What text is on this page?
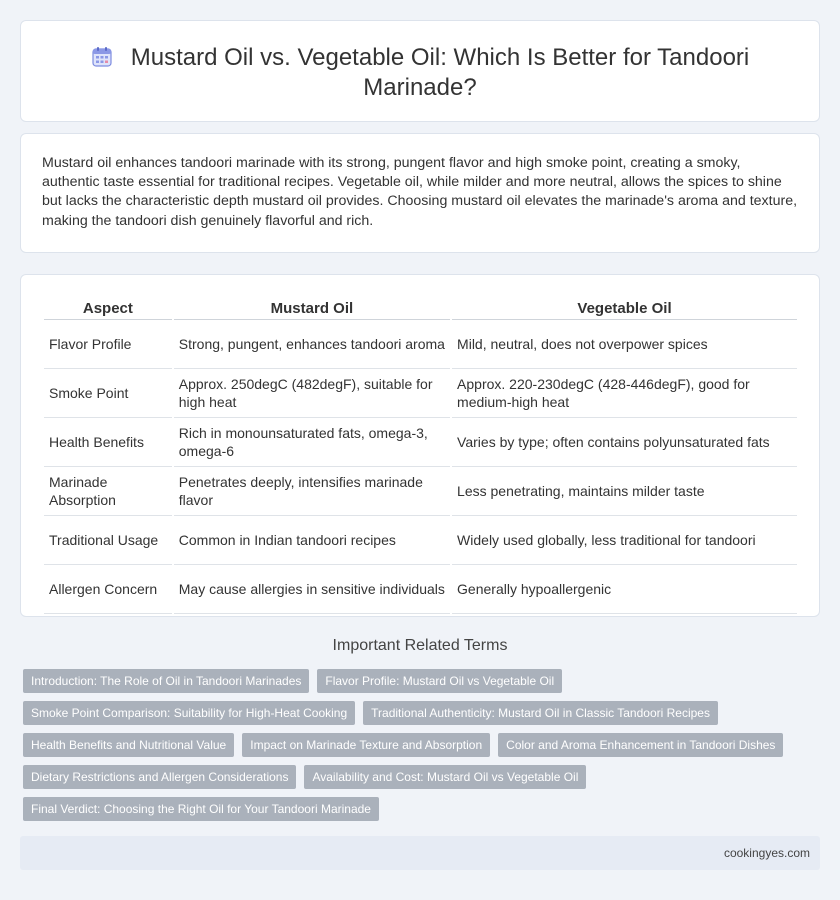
Mustard Oil vs. Vegetable Oil: Which Is Better for Tandoori Marinade?

Mustard oil enhances tandoori marinade with its strong, pungent flavor and high smoke point, creating a smoky, authentic taste essential for traditional recipes. Vegetable oil, while milder and more neutral, allows the spices to shine but lacks the characteristic depth mustard oil provides. Choosing mustard oil elevates the marinade's aroma and texture, making the tandoori dish genuinely flavorful and rich.

Aspect	Mustard Oil	Vegetable Oil
Flavor Profile	Strong, pungent, enhances tandoori aroma	Mild, neutral, does not overpower spices
Smoke Point	Approx. 250degC (482degF), suitable for high heat	Approx. 220-230degC (428-446degF), good for medium-high heat
Health Benefits	Rich in monounsaturated fats, omega-3, omega-6	Varies by type; often contains polyunsaturated fats
Marinade Absorption	Penetrates deeply, intensifies marinade flavor	Less penetrating, maintains milder taste
Traditional Usage	Common in Indian tandoori recipes	Widely used globally, less traditional for tandoori
Allergen Concern	May cause allergies in sensitive individuals	Generally hypoallergenic
Important Related Terms
Introduction: The Role of Oil in Tandoori Marinades	Flavor Profile: Mustard Oil vs Vegetable Oil
Smoke Point Comparison: Suitability for High-Heat Cooking	Traditional Authenticity: Mustard Oil in Classic Tandoori Recipes
Health Benefits and Nutritional Value	Impact on Marinade Texture and Absorption	Color and Aroma Enhancement in Tandoori Dishes
Dietary Restrictions and Allergen Considerations	Availability and Cost: Mustard Oil vs Vegetable Oil
Final Verdict: Choosing the Right Oil for Your Tandoori Marinade
cookingyes.com
